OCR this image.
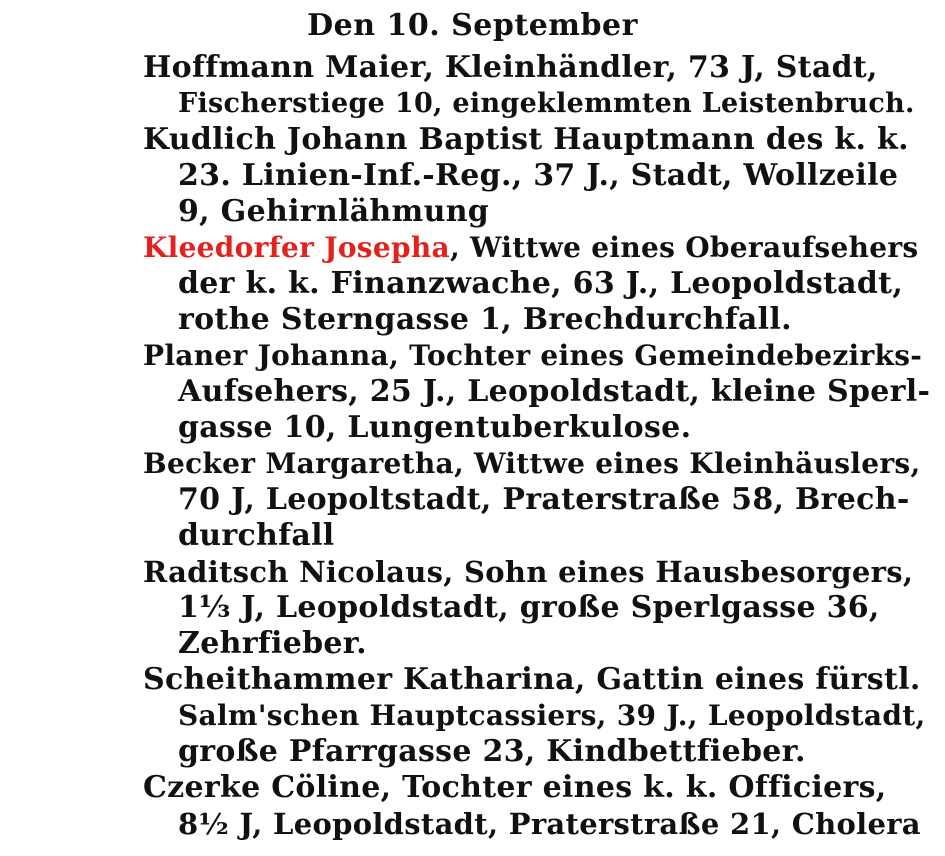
Den 10. September
Hoffmann Maier, Kleinhändler, 73 J, Stadt,
Fischerstiege 10, eingeklemmten Leistenbruch.
Kudlich Johann Baptist Hauptmann des k. k.
23. Linien-Inf.-Reg., 37 J., Stadt, Wollzeile
9, Gehirnlähmung
Kleedorfer Josepha, Wittwe eines Oberaufsehers
der k. k. Finanzwache, 63 J., Leopoldstadt,
rothe Sterngasse 1, Brechdurchfall.
Planer Johanna, Tochter eines Gemeindebezirks-
Aufsehers, 25 J., Leopoldstadt, kleine Sperl-
gasse 10, Lungentuberkulose.
Becker Margaretha, Wittwe eines Kleinhäuslers,
70 J, Leopoltstadt, Praterstraße 58, Brech-
durchfall
Raditsch Nicolaus, Sohn eines Hausbesorgers,
1⅓ J, Leopoldstadt, große Sperlgasse 36,
Zehrfieber.
Scheithammer Katharina, Gattin eines fürstl.
Salm'schen Hauptcassiers, 39 J., Leopoldstadt,
große Pfarrgasse 23, Kindbettfieber.
Czerke Cöline, Tochter eines k. k. Officiers,
8½ J, Leopoldstadt, Praterstraße 21, Cholera
